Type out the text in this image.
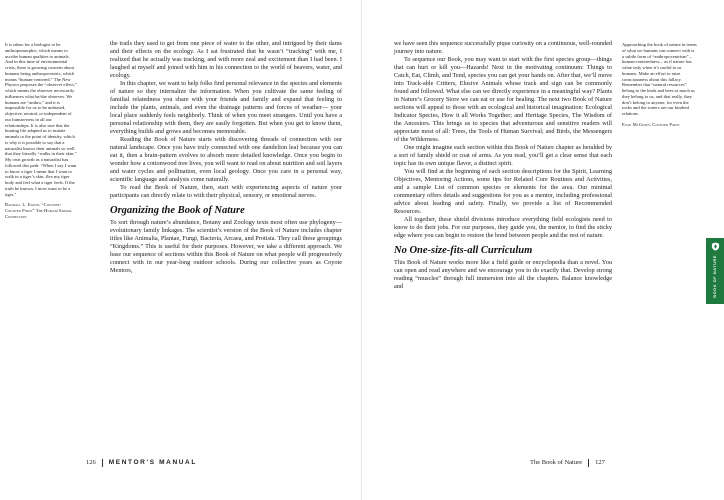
It is taboo for a biologist to be anthropomorphic, which means to ascribe human qualities to animals. And in this time of environmental crisis, there is growing concern about humans being anthropocentric, which means “human-centered.” The New Physics proposes the “observer effect,” which means the observer necessarily influences what he/she observes. We humans are “anthro,” and it is impossible for us to be unbiased, objective, neutral, or independent of our human-ness in all our relationships. It is also true that the hunting life adapted us to imitate animals to the point of identity, which is why it is possible to say that a naturalist knows their animals so well that they literally “walks in their skin.” My own growth as a naturalist has followed this path: “When I say I want to know a tiger I mean that I want to walk in a tiger’s skin, flex my tiger body and feel what a tiger feels. If the truth be known, I most want to be a tiger.”

Randall L. Eaton, “Counter-Counter Point” The Human/Animal Connection

the trails they used to get from one piece of water to the other, and intrigued by their dams and their effects on the ecology. As I sat frustrated that he wasn’t “tracking” with me, I realized that he actually was tracking, and with more zeal and excitement than I had been. I laughed at myself and joined with him in his connection to the world of beavers, water, and ecology.

In this chapter, we want to help folks find personal relevance in the species and elements of nature so they internalize the information. When you cultivate the same feeling of familial relatedness you share with your friends and family and expand that feeling to include the plants, animals, and even the drainage patterns and forces of weather— your local place suddenly feels neighborly. Think of when you meet strangers. Until you have a personal relationship with them, they are easily forgotten. But when you get to know them, everything builds and grows and becomes memorable.

Reading the Book of Nature starts with discovering threads of connection with our natural landscape. Once you have truly connected with one dandelion leaf because you can eat it, then a brain-pattern evolves to absorb more detailed knowledge. Once you begin to wonder how a cottonwood tree lives, you will want to read on about nutrition and soil layers and water cycles and pollination, even local geology. Once you care in a personal way, scientific language and analysis come naturally.

To read the Book of Nature, then, start with experiencing aspects of nature your participants can directly relate to with their physical, sensory, or emotional nerves.

Organizing the Book of Nature

To sort through nature’s abundance, Botany and Zoology texts most often use phylogeny—evolutionary family linkages. The scientist’s version of the Book of Nature includes chapter titles like Animalia, Plantae, Fungi, Bacteria, Arcaea, and Protista. They call these groupings “Kingdoms.” This is useful for their purposes. However, we take a different approach. We base our sequence of sections within this Book of Nature on what people will progressively connect with in our year-long outdoor schools. During our collective years as Coyote Mentors,

126 MENTOR’S MANUAL

we have seen this sequence successfully pique curiosity on a continuous, well-rounded journey into nature.

To sequence our Book, you may want to start with the first species group—things that can hurt or kill you—Hazards! Next in the motivating continuum: Things to Catch, Eat, Climb, and Tend, species you can get your hands on. After that, we’ll move into Track-able Critters, Elusive Animals whose track and sign can be commonly found and followed. What else can we directly experience in a meaningful way? Plants in Nature’s Grocery Store we can eat or use for healing. The next two Book of Nature sections will appeal to those with an ecological and historical imagination: Ecological Indicator Species, How it all Works Together; and Heritage Species, The Wisdom of the Ancestors. This brings us to species that adventurous and sensitive readers will appreciate most of all: Trees, the Tools of Human Survival; and Birds, the Messengers of the Wilderness.

One might imagine each section within this Book of Nature chapter as heralded by a sort of family shield or coat of arms. As you read, you’ll get a clear sense that each topic has its own unique flavor, a distinct spirit.

You will find at the beginning of each section descriptions for the Spirit, Learning Objectives, Mentoring Actions, some tips for Related Core Routines and Activities, and a sample List of common species or elements for the area. Our minimal commentary offers details and suggestions for you as a mentor, including professional advice about leading and safety. Finally, we provide a list of Recommended Resources.

All together, these shield divisions introduce everything field ecologists need to know to do their jobs. For our purposes, they guide you, the mentor, to find the sticky edge where you can begin to restore the bond between people and the rest of nature.

No One-size-fits-all Curriculum

This Book of Nature works more like a field guide or encyclopedia than a novel. You can open and read anywhere and we encourage you to do exactly that. Develop strong reading “muscles” through full immersion into all the chapters. Balance knowledge and

Approaching the book of nature in terms of what we humans can connect with is a subtle form of “anthropocentrism” – human-centeredness – as if nature has value only when it’s useful to us humans. Make an effort to raise consciousness about this fallacy. Remember that “natural resources” belong to the birds and bees as much as they belong to us, and that really, they don’t belong to anyone, for even the rocks and the waters are our kindred relations.

Evan McGown, Counter Point

The Book of Nature 127
BOOK OF NATURE
